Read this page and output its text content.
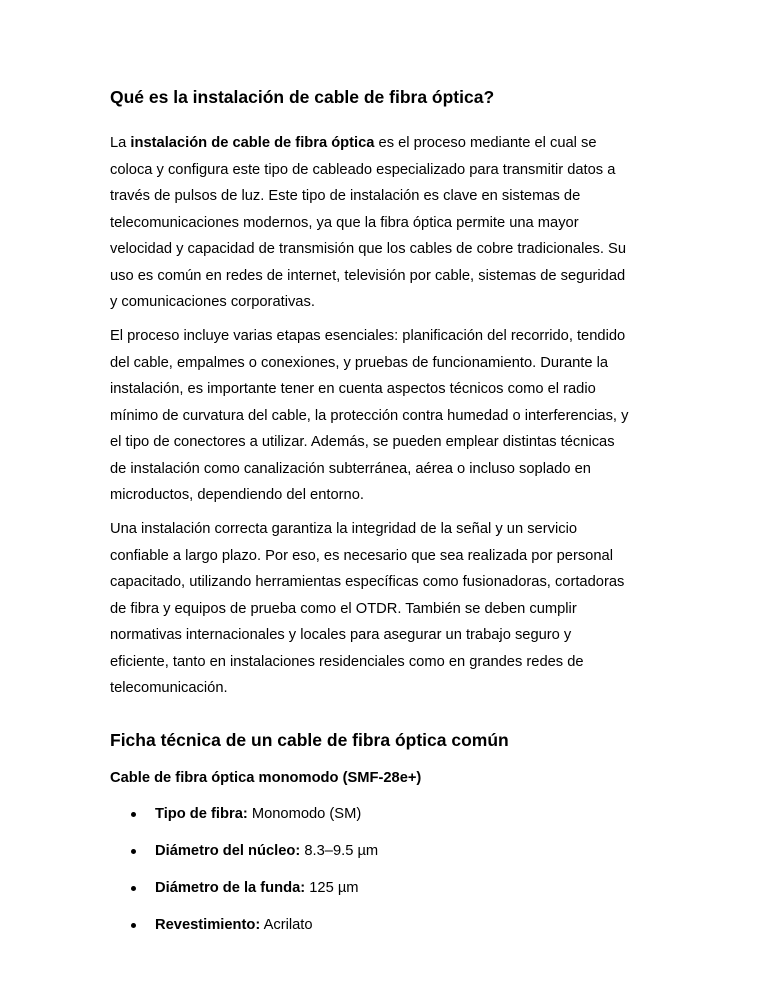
Qué es la instalación de cable de fibra óptica?

La instalación de cable de fibra óptica es el proceso mediante el cual se
coloca y configura este tipo de cableado especializado para transmitir datos a
través de pulsos de luz. Este tipo de instalación es clave en sistemas de
telecomunicaciones modernos, ya que la fibra óptica permite una mayor
velocidad y capacidad de transmisión que los cables de cobre tradicionales. Su
uso es común en redes de internet, televisión por cable, sistemas de seguridad
y comunicaciones corporativas.

El proceso incluye varias etapas esenciales: planificación del recorrido, tendido
del cable, empalmes o conexiones, y pruebas de funcionamiento. Durante la
instalación, es importante tener en cuenta aspectos técnicos como el radio
mínimo de curvatura del cable, la protección contra humedad o interferencias, y
el tipo de conectores a utilizar. Además, se pueden emplear distintas técnicas
de instalación como canalización subterránea, aérea o incluso soplado en
microductos, dependiendo del entorno.

Una instalación correcta garantiza la integridad de la señal y un servicio
confiable a largo plazo. Por eso, es necesario que sea realizada por personal
capacitado, utilizando herramientas específicas como fusionadoras, cortadoras
de fibra y equipos de prueba como el OTDR. También se deben cumplir
normativas internacionales y locales para asegurar un trabajo seguro y
eficiente, tanto en instalaciones residenciales como en grandes redes de
telecomunicación.

Ficha técnica de un cable de fibra óptica común

Cable de fibra óptica monomodo (SMF-28e+)

Tipo de fibra: Monomodo (SM)
Diámetro del núcleo: 8.3–9.5 µm
Diámetro de la funda: 125 µm
Revestimiento: Acrilato
